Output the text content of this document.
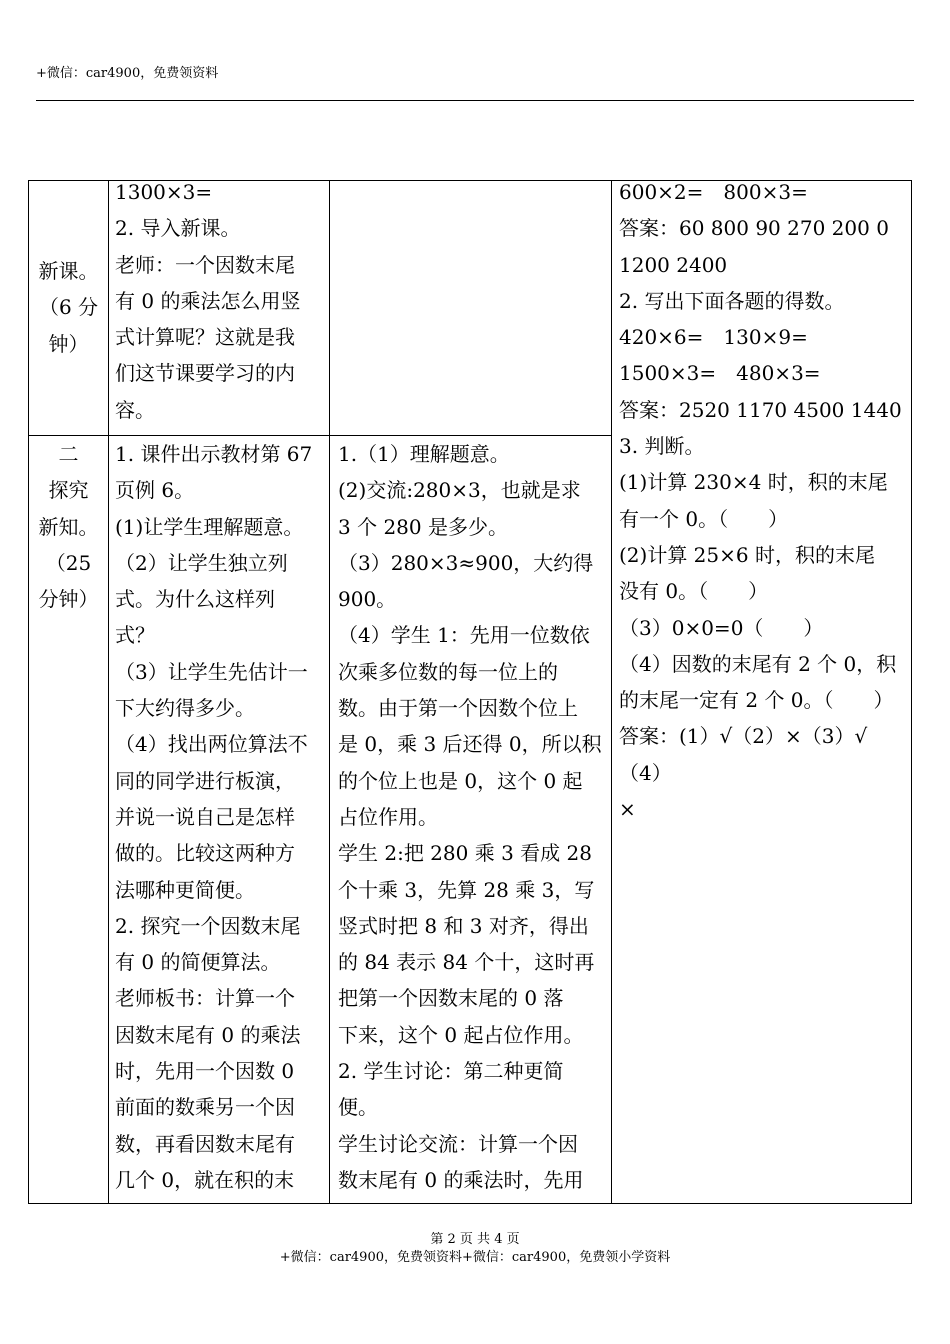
+微信：car4900，免费领资料

新课。

（6 分

钟）

1300×3=

2. 导入新课。

老师：一个因数末尾

有 0 的乘法怎么用竖

式计算呢？这就是我

们这节课要学习的内

容。

二

探究

新知。

（25

分钟）

1. 课件出示教材第 67

页例 6。

(1)让学生理解题意。

（2）让学生独立列

式。为什么这样列

式？

（3）让学生先估计一

下大约得多少。

（4）找出两位算法不

同的同学进行板演，

并说一说自己是怎样

做的。比较这两种方

法哪种更简便。

2. 探究一个因数末尾

有 0 的简便算法。

老师板书：计算一个

因数末尾有 0 的乘法

时，先用一个因数 0

前面的数乘另一个因

数，再看因数末尾有

几个 0，就在积的末

1.（1）理解题意。

(2)交流:280×3，也就是求

3 个 280 是多少。

（3）280×3≈900，大约得

900。

（4）学生 1：先用一位数依

次乘多位数的每一位上的

数。由于第一个因数个位上

是 0，乘 3 后还得 0，所以积

的个位上也是 0，这个 0 起

占位作用。

学生 2:把 280 乘 3 看成 28

个十乘 3，先算 28 乘 3，写

竖式时把 8 和 3 对齐，得出

的 84 表示 84 个十，这时再

把第一个因数末尾的 0 落

下来，这个 0 起占位作用。

2. 学生讨论：第二种更简

便。

学生讨论交流：计算一个因

数末尾有 0 的乘法时，先用

600×2=　800×3=

答案：60 800 90 270 200 0

1200 2400

2. 写出下面各题的得数。

420×6=　130×9=

1500×3=　480×3=

答案：2520 1170 4500 1440

3. 判断。

(1)计算 230×4 时，积的末尾

有一个 0。（　　）

(2)计算 25×6 时，积的末尾

没有 0。（　　）

（3）0×0=0（　　）

（4）因数的末尾有 2 个 0，积

的末尾一定有 2 个 0。（　　）

答案：(1）√（2）×（3）√（4）

×

第 2 页 共 4 页
+微信：car4900，免费领资料+微信：car4900，免费领小学资料
